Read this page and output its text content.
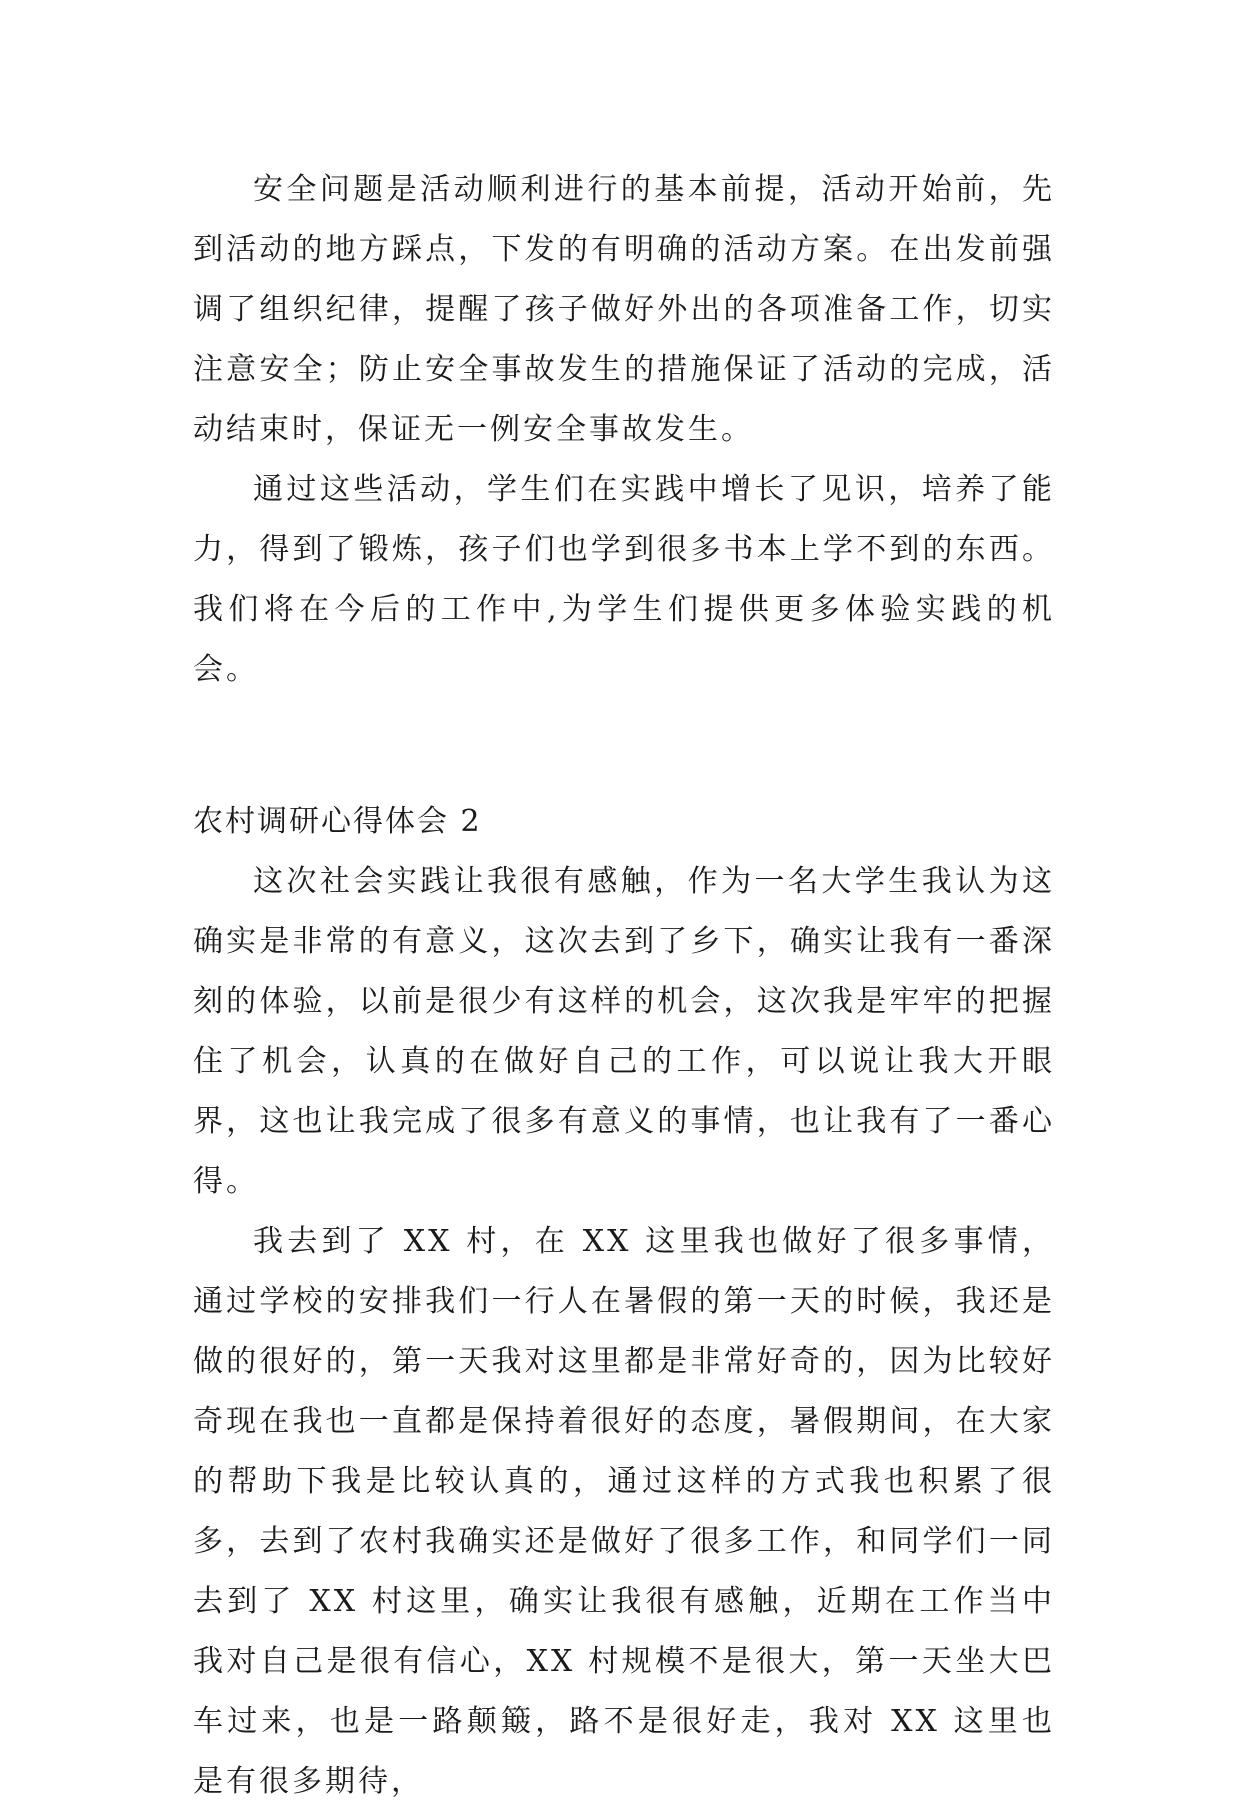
安全问题是活动顺利进行的基本前提，活动开始前，先到活动的地方踩点，下发的有明确的活动方案。在出发前强调了组织纪律，提醒了孩子做好外出的各项准备工作，切实注意安全；防止安全事故发生的措施保证了活动的完成，活动结束时，保证无一例安全事故发生。

通过这些活动，学生们在实践中增长了见识，培养了能力，得到了锻炼，孩子们也学到很多书本上学不到的东西。我们将在今后的工作中,为学生们提供更多体验实践的机会。

农村调研心得体会 2

这次社会实践让我很有感触，作为一名大学生我认为这确实是非常的有意义，这次去到了乡下，确实让我有一番深刻的体验，以前是很少有这样的机会，这次我是牢牢的把握住了机会，认真的在做好自己的工作，可以说让我大开眼界，这也让我完成了很多有意义的事情，也让我有了一番心得。

我去到了 XX 村，在 XX 这里我也做好了很多事情，通过学校的安排我们一行人在暑假的第一天的时候，我还是做的很好的，第一天我对这里都是非常好奇的，因为比较好奇现在我也一直都是保持着很好的态度，暑假期间，在大家的帮助下我是比较认真的，通过这样的方式我也积累了很多，去到了农村我确实还是做好了很多工作，和同学们一同去到了 XX 村这里，确实让我很有感触，近期在工作当中我对自己是很有信心，XX 村规模不是很大，第一天坐大巴车过来，也是一路颠簸，路不是很好走，我对 XX 这里也是有很多期待，
